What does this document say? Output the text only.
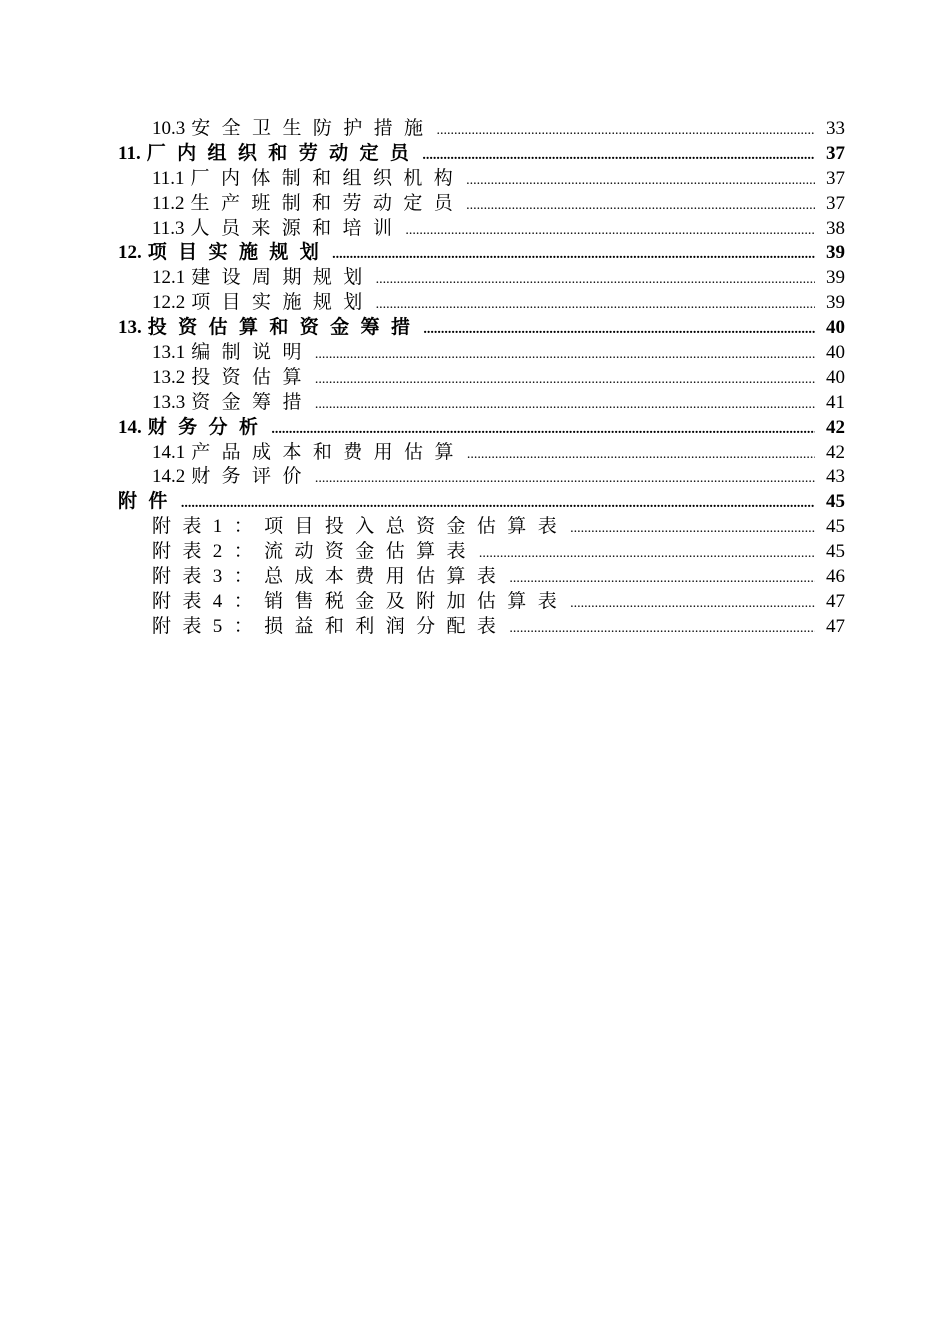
10.3 安全卫生防护措施 .....	33
11. 厂内组织和劳动定员 .....	37
11.1 厂内体制和组织机构 .....	37
11.2 生产班制和劳动定员 .....	37
11.3 人员来源和培训 .....	38
12. 项目实施规划 .....	39
12.1 建设周期规划 .....	39
12.2 项目实施规划 .....	39
13. 投资估算和资金筹措 .....	40
13.1 编制说明 .....	40
13.2 投资估算 .....	40
13.3 资金筹措 .....	41
14. 财务分析 .....	42
14.1 产品成本和费用估算 .....	42
14.2 财务评价 .....	43
附件 .....	45
附表1：项目投入总资金估算表 .....	45
附表2：流动资金估算表 .....	45
附表3：总成本费用估算表 .....	46
附表4：销售税金及附加估算表 .....	47
附表5：损益和利润分配表 .....	47
